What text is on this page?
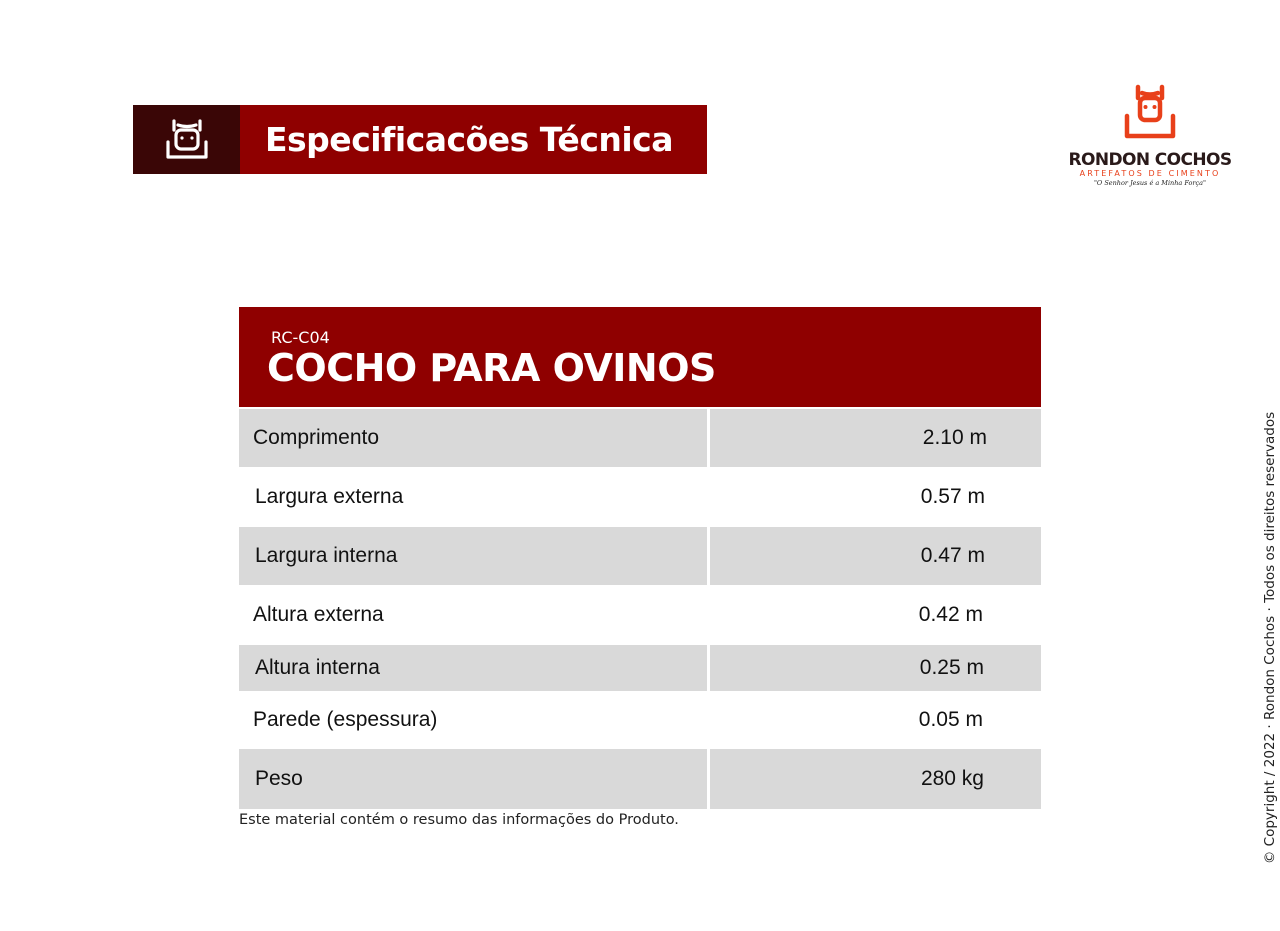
Especificacões Técnica
RONDON COCHOS
ARTEFATOS DE CIMENTO
"O Senhor Jesus é a Minha Força"
RC-C04
COCHO PARA OVINOS
Comprimento	2.10 m
Largura externa	0.57 m
Largura interna	0.47 m
Altura externa	0.42 m
Altura interna	0.25 m
Parede (espessura)	0.05 m
Peso	280 kg
Este material contém o resumo das informações do Produto.	© Copyright / 2022 · Rondon Cochos · Todos os direitos reservados
